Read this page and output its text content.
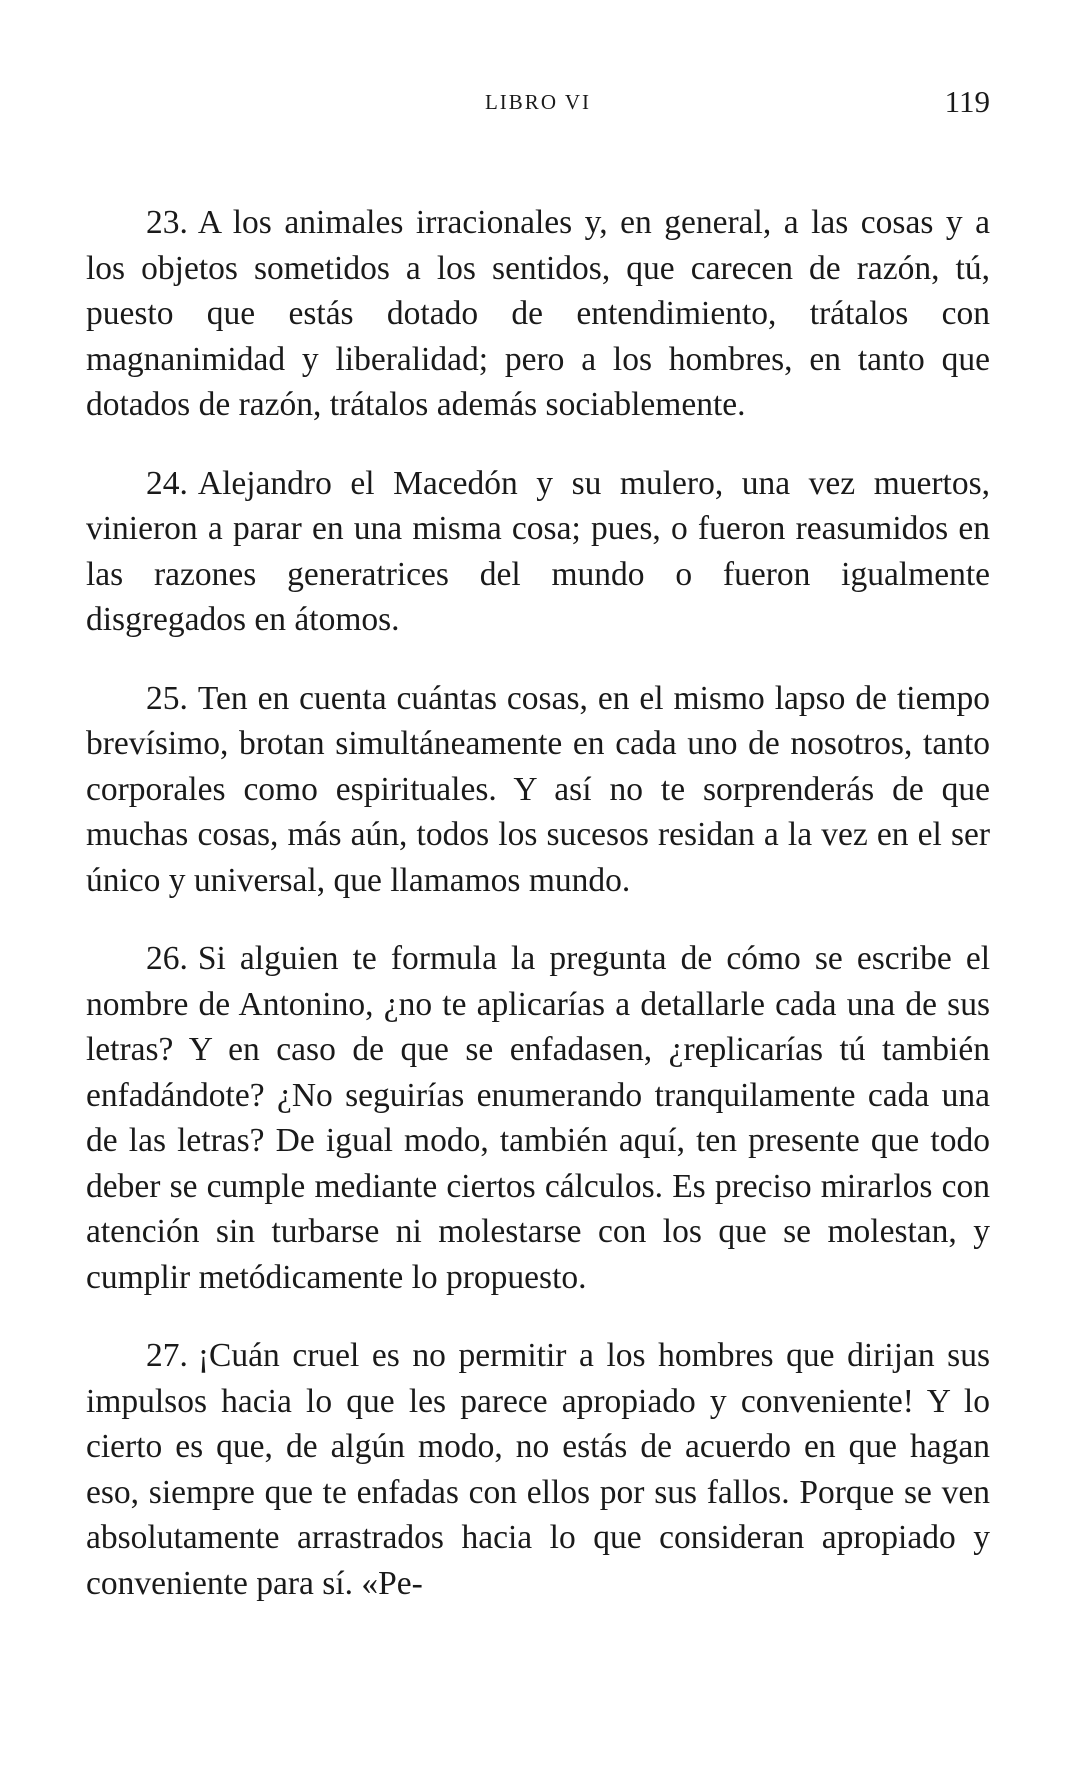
LIBRO VI	119

23. A los animales irracionales y, en general, a las cosas y a los objetos sometidos a los sentidos, que carecen de razón, tú, puesto que estás dotado de entendimiento, trátalos con magnanimidad y liberalidad; pero a los hombres, en tanto que dotados de razón, trátalos además sociablemente.

24. Alejandro el Macedón y su mulero, una vez muertos, vinieron a parar en una misma cosa; pues, o fueron reasumidos en las razones generatrices del mundo o fueron igualmente disgregados en átomos.

25. Ten en cuenta cuántas cosas, en el mismo lapso de tiempo brevísimo, brotan simultáneamente en cada uno de nosotros, tanto corporales como espirituales. Y así no te sorprenderás de que muchas cosas, más aún, todos los sucesos residan a la vez en el ser único y universal, que llamamos mundo.

26. Si alguien te formula la pregunta de cómo se escribe el nombre de Antonino, ¿no te aplicarías a detallarle cada una de sus letras? Y en caso de que se enfadasen, ¿replicarías tú también enfadándote? ¿No seguirías enumerando tranquilamente cada una de las letras? De igual modo, también aquí, ten presente que todo deber se cumple mediante ciertos cálculos. Es preciso mirarlos con atención sin turbarse ni molestarse con los que se molestan, y cumplir metódicamente lo propuesto.

27. ¡Cuán cruel es no permitir a los hombres que dirijan sus impulsos hacia lo que les parece apropiado y conveniente! Y lo cierto es que, de algún modo, no estás de acuerdo en que hagan eso, siempre que te enfadas con ellos por sus fallos. Porque se ven absolutamente arrastrados hacia lo que consideran apropiado y conveniente para sí. «Pe-
